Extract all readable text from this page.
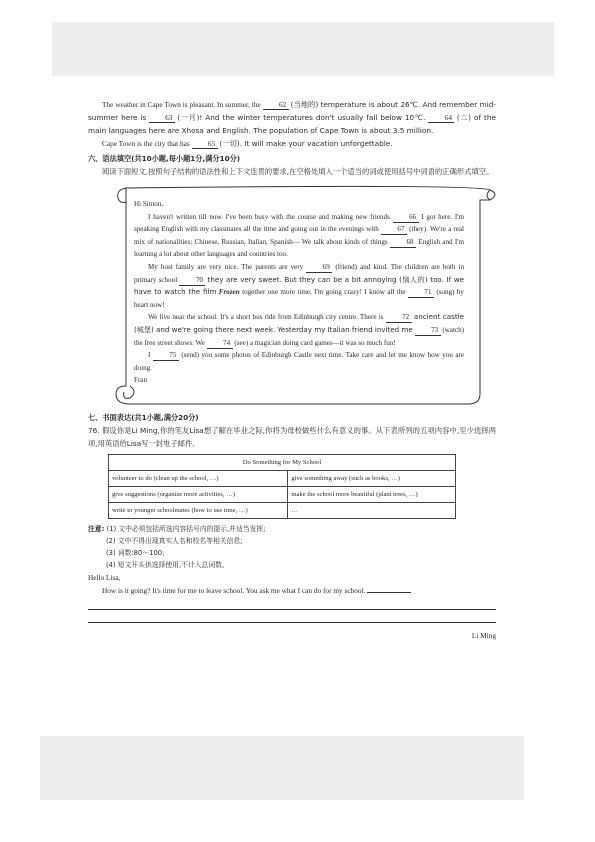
The weather in Cape Town is pleasant. In summer, the 62 (当地的) temperature is about 26℃. And remember mid-summer here is	63 (一月)! And the winter temperatures don't usually fall below 10℃.	64 (二) of the main languages here are Xhosa and English. The population of Cape Town is about 3.5 million.

Cape Town is the city that has 65 (一切). It will make your vacation unforgettable.

六、语法填空(共10小题,每小题1分,满分10分)

阅读下面短文,按照句子结构的语法性和上下文连贯的要求,在空格处填入一个适当的词或使用括号中词语的正确形式填空。

Hi Simon,

I haven't written till now. I've been busy with the course and making new friends	66 I got here. I'm speaking English with my classmates all the time and going out in the evenings with	67 (they). We're a real mix of nationalities; Chinese, Russian, Italian, Spanish— We talk about kinds of things	68 English and I'm learning a lot about other languages and countries too.

My host family are very nice. The parents are very	69 (friend) and kind. The children are both in primary school	70 they are very sweet. But they can be a bit annoying (恼人的) too. If we have to watch the film Frozen together one more time, I'm going crazy! I know all the	71 (song) by heart now!

We live near the school. It's a short bus ride from Edinburgh city centre. There is	72 ancient castle (城堡) and we're going there next week. Yesterday my Italian friend invited me	73 (watch) the free street shows. We	74 (see) a magician doing card games—it was so much fun!

I	75 (send) you some photos of Edinburgh Castle next time. Take care and let me know how you are doing.

Fran

七、书面表达(共1小题,满分20分)

76. 假设你是Li Ming,你的笔友Lisa想了解在毕业之际,你将为母校做些什么有意义的事。从下表所列的五项内容中,至少选择两项,用英语给Lisa写一封电子邮件。

Do Something for My School	
volunteer to do (clean up the school, …)	give something away (such as books, …)
give suggestions (organize more activities, …)	make the school more beautiful (plant trees, …)
write to younger schoolmates (how to use time, …)	…
注意: (1) 文中必须包括所选内容括号内的提示,并适当发挥;
(2) 文中不得出现真实人名和校名等相关信息;
(3) 词数:80～100;
(4) 短文开头供选择使用,不计入总词数。

Hello Lisa,

How is it going? It's time for me to leave school. You ask me what I can do for my school.

Li Ming
